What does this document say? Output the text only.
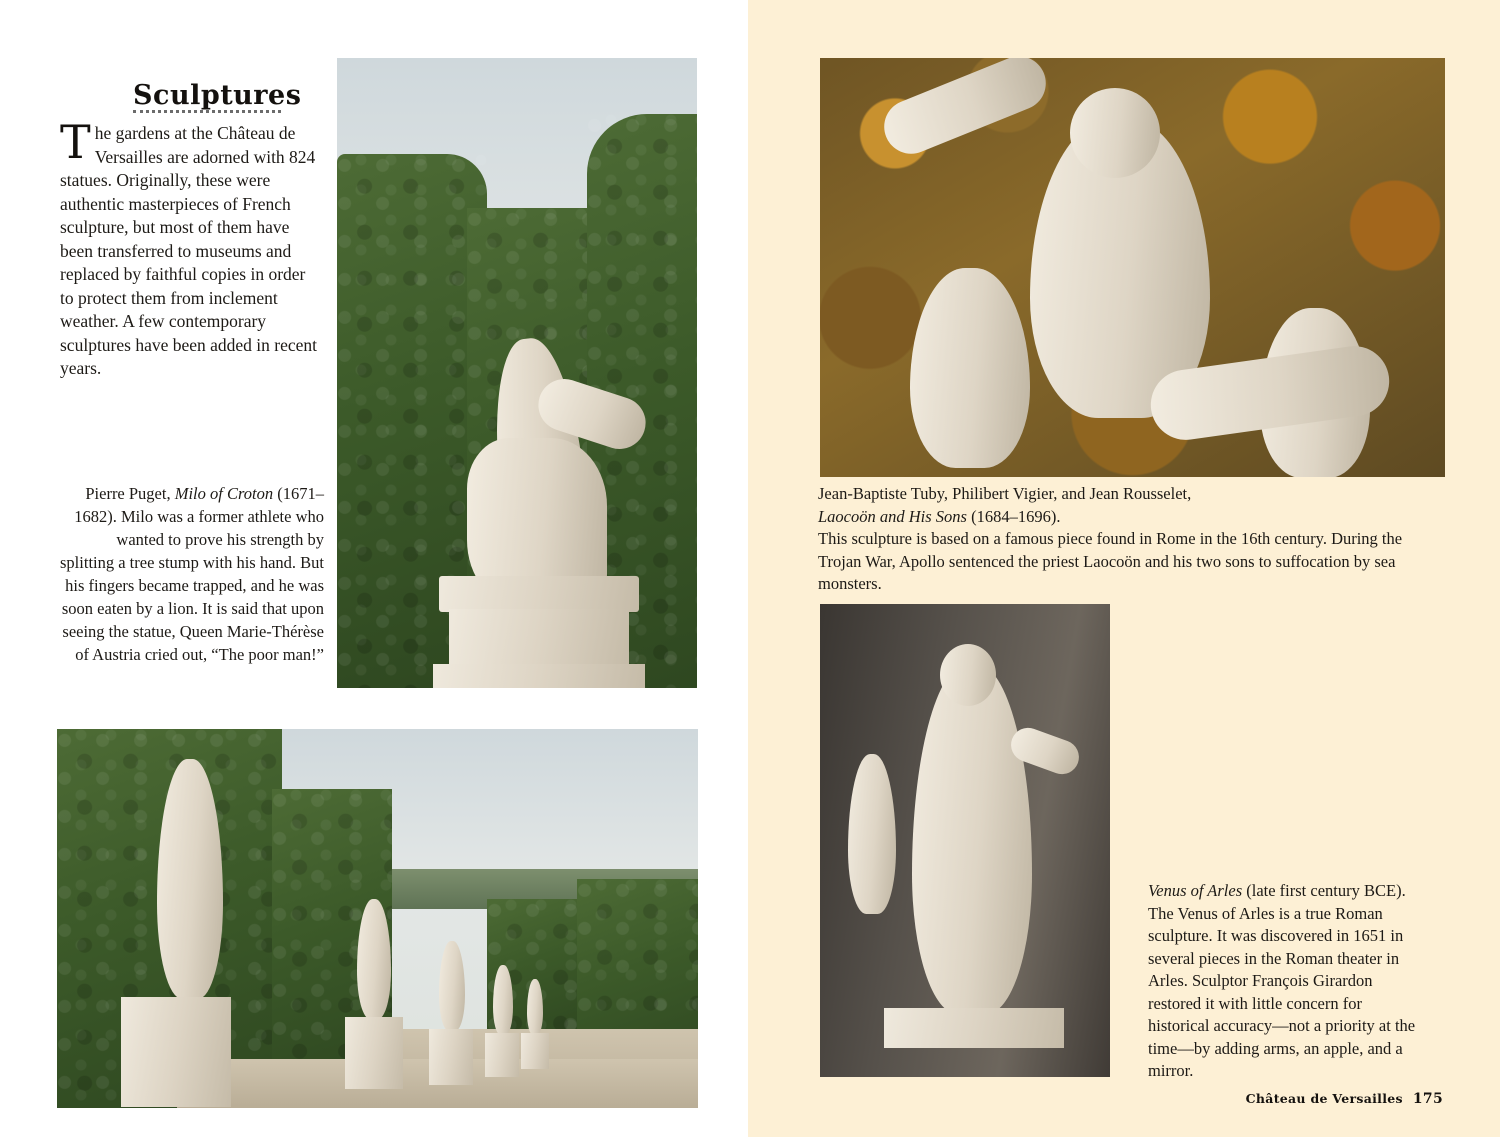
Sculptures
The gardens at the Château de Versailles are adorned with 824 statues. Originally, these were authentic masterpieces of French sculpture, but most of them have been transferred to museums and replaced by faithful copies in order to protect them from inclement weather. A few contemporary sculptures have been added in recent years.
Pierre Puget, Milo of Croton (1671–1682). Milo was a former athlete who wanted to prove his strength by splitting a tree stump with his hand. But his fingers became trapped, and he was soon eaten by a lion. It is said that upon seeing the statue, Queen Marie-Thérèse of Austria cried out, “The poor man!”
Jean-Baptiste Tuby, Philibert Vigier, and Jean Rousselet,
Laocoön and His Sons (1684–1696).
This sculpture is based on a famous piece found in Rome in the 16th century. During the Trojan War, Apollo sentenced the priest Laocoön and his two sons to suffocation by sea monsters.
Venus of Arles (late first century BCE). The Venus of Arles is a true Roman sculpture. It was discovered in 1651 in several pieces in the Roman theater in Arles. Sculptor François Girardon restored it with little concern for historical accuracy—not a priority at the time—by adding arms, an apple, and a mirror.
Château de Versailles 175
